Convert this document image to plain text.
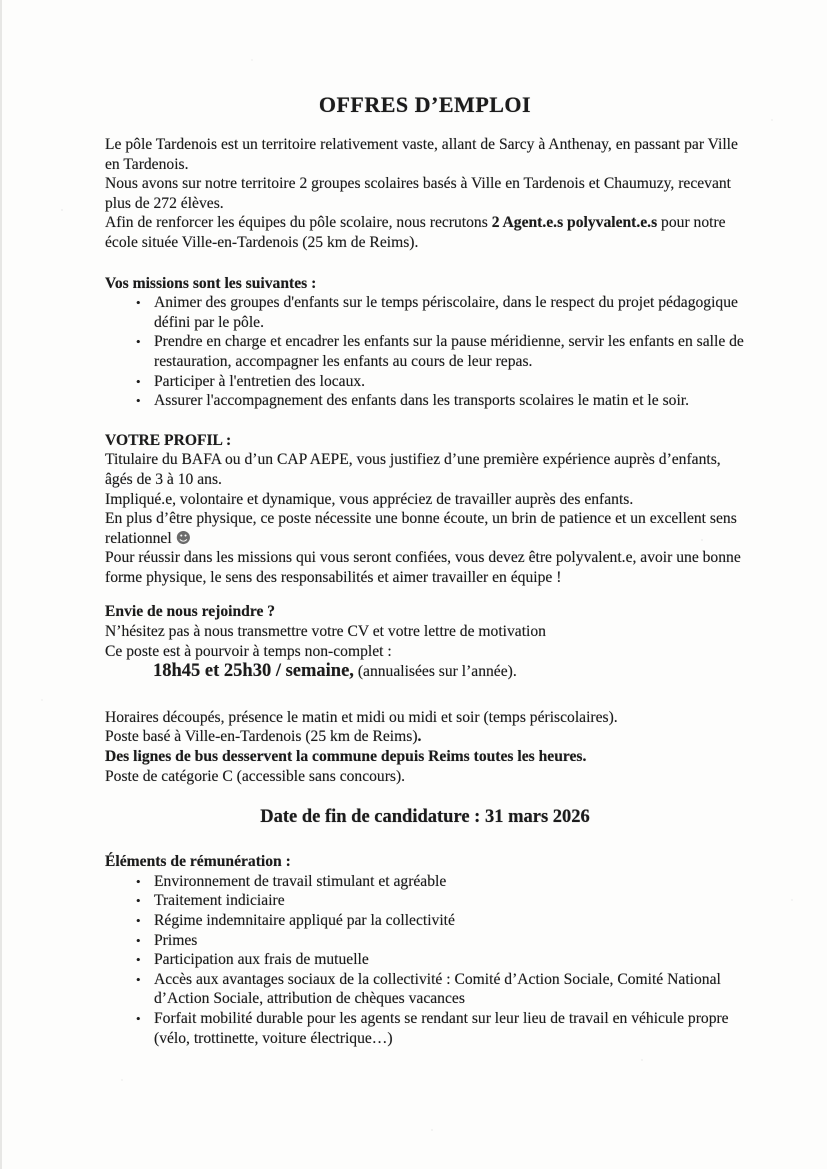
OFFRES D’EMPLOI

Le pôle Tardenois est un territoire relativement vaste, allant de Sarcy à Anthenay, en passant par Ville en Tardenois.

Nous avons sur notre territoire 2 groupes scolaires basés à Ville en Tardenois et Chaumuzy, recevant plus de 272 élèves.

Afin de renforcer les équipes du pôle scolaire, nous recrutons 2 Agent.e.s polyvalent.e.s pour notre école située Ville-en-Tardenois (25 km de Reims).

Vos missions sont les suivantes :

• Animer des groupes d'enfants sur le temps périscolaire, dans le respect du projet pédagogique défini par le pôle.
• Prendre en charge et encadrer les enfants sur la pause méridienne, servir les enfants en salle de restauration, accompagner les enfants au cours de leur repas.
• Participer à l'entretien des locaux.
• Assurer l'accompagnement des enfants dans les transports scolaires le matin et le soir.

VOTRE PROFIL :

Titulaire du BAFA ou d’un CAP AEPE, vous justifiez d’une première expérience auprès d’enfants, âgés de 3 à 10 ans.

Impliqué.e, volontaire et dynamique, vous appréciez de travailler auprès des enfants.

En plus d’être physique, ce poste nécessite une bonne écoute, un brin de patience et un excellent sens relationnel ☻

Pour réussir dans les missions qui vous seront confiées, vous devez être polyvalent.e, avoir une bonne forme physique, le sens des responsabilités et aimer travailler en équipe !

Envie de nous rejoindre ?

N’hésitez pas à nous transmettre votre CV et votre lettre de motivation

Ce poste est à pourvoir à temps non-complet :

18h45 et 25h30 / semaine, (annualisées sur l’année).

Horaires découpés, présence le matin et midi ou midi et soir (temps périscolaires).

Poste basé à Ville-en-Tardenois (25 km de Reims).

Des lignes de bus desservent la commune depuis Reims toutes les heures.

Poste de catégorie C (accessible sans concours).

Date de fin de candidature : 31 mars 2026

Éléments de rémunération :

• Environnement de travail stimulant et agréable
• Traitement indiciaire
• Régime indemnitaire appliqué par la collectivité
• Primes
• Participation aux frais de mutuelle
• Accès aux avantages sociaux de la collectivité : Comité d’Action Sociale, Comité National d’Action Sociale, attribution de chèques vacances
• Forfait mobilité durable pour les agents se rendant sur leur lieu de travail en véhicule propre (vélo, trottinette, voiture électrique…)
